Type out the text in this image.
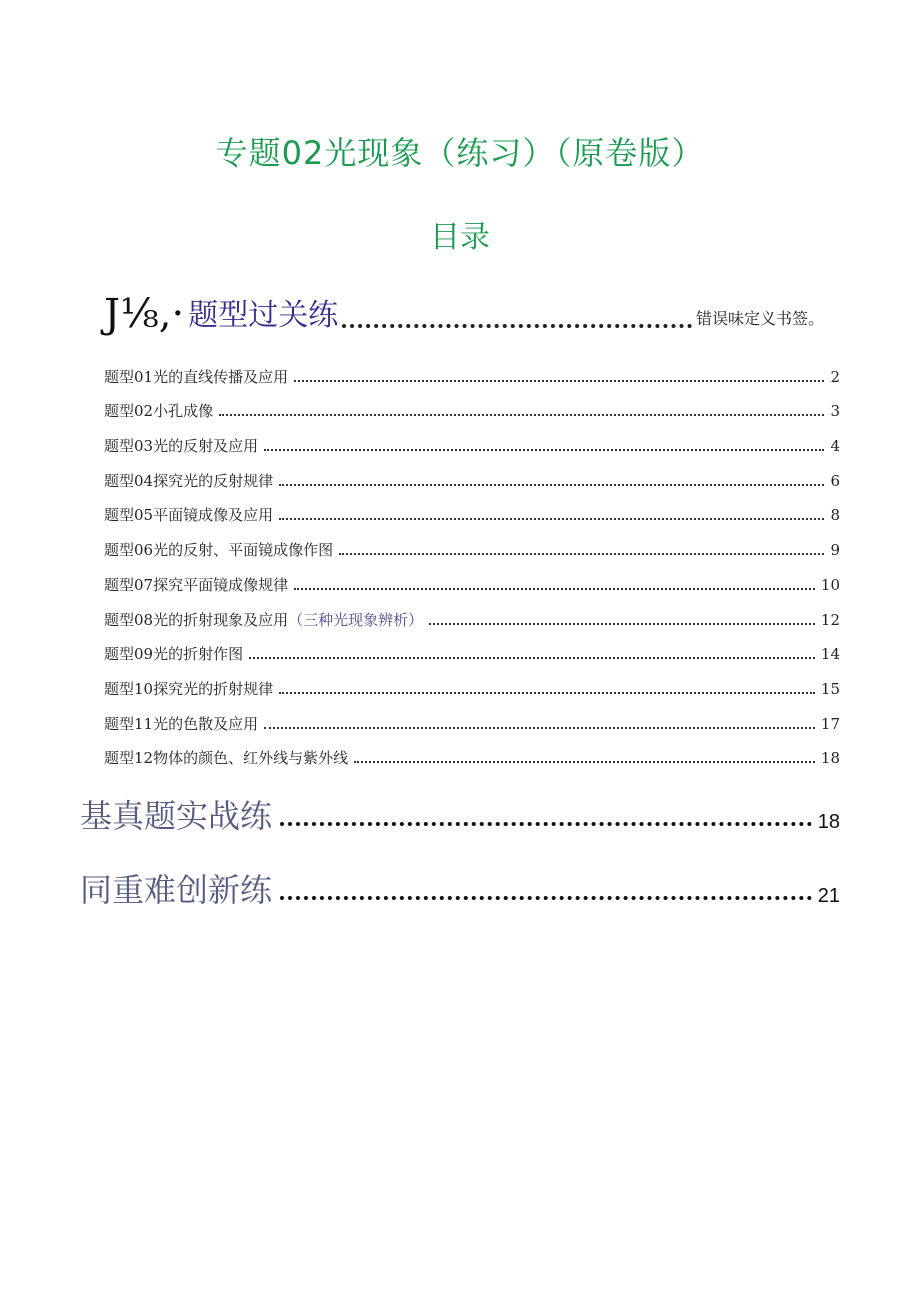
专题02光现象（练习）（原卷版）
目录
J⅛,· 题型过关练	错误味定义书签。
题型01光的直线传播及应用	2
题型02小孔成像	3
题型03光的反射及应用	4
题型04探究光的反射规律	6
题型05平面镜成像及应用	8
题型06光的反射、平面镜成像作图	9
题型07探究平面镜成像规律	10
题型08光的折射现象及应用（三种光现象辨析）	12
题型09光的折射作图	14
题型10探究光的折射规律	15
题型11光的色散及应用	17
题型12物体的颜色、红外线与紫外线	18
基真题实战练	18
同重难创新练	21
